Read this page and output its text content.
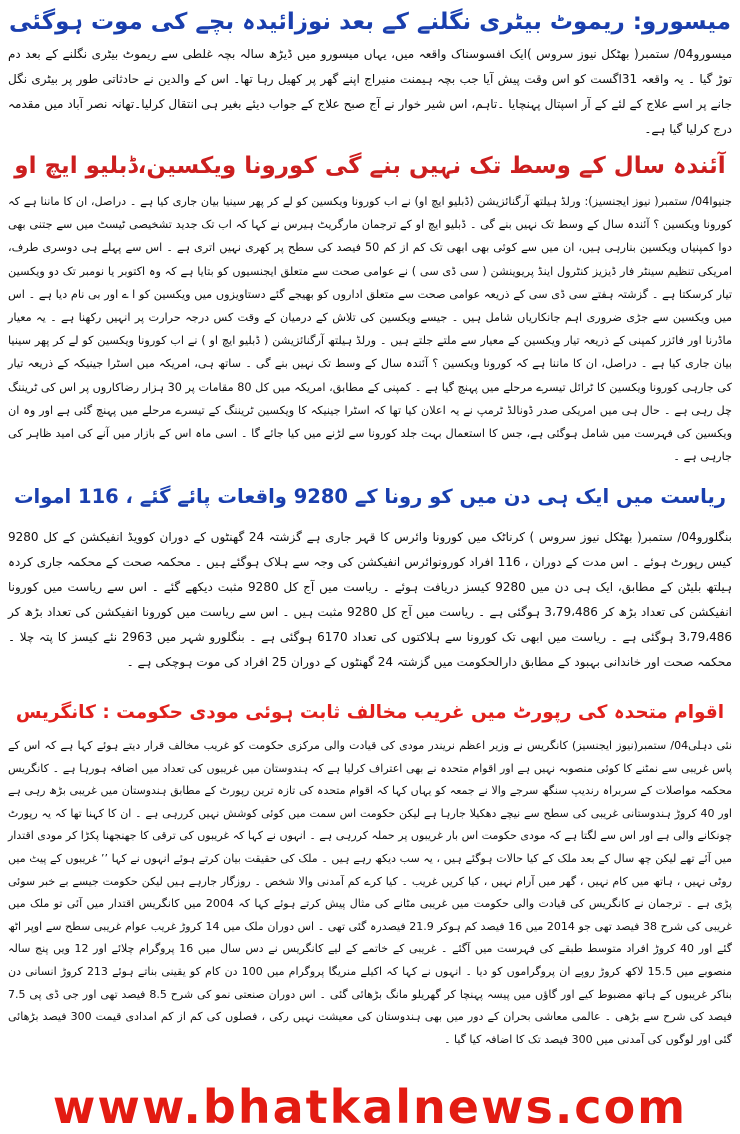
میسورو: ریموٹ بیٹری نگلنے کے بعد نوزائیدہ بچے کی موت ہوگئی

میسورو04/ ستمبر( بھٹکل نیوز سروس )ایک افسوسناک واقعہ میں، یہاں میسورو میں ڈیڑھ سالہ بچہ غلطی سے ریموٹ بیٹری نگلنے کے بعد دم توڑ گیا ۔ یہ واقعہ 31اگست کو اس وقت پیش آیا جب بچہ ہیمنت منیراج اپنے گھر پر کھیل رہا تھا۔ اس کے والدین نے حادثاتی طور پر بیٹری نگل جانے پر اسے علاج کے لئے کے آر اسپتال پہنچایا ۔تاہم، اس شیر خوار نے آج صبح علاج کے جواب دیئے بغیر ہی انتقال کرلیا۔تھانہ نصر آباد میں مقدمہ درج کرلیا گیا ہے۔

آئندہ سال کے وسط تک نہیں بنے گی کورونا ویکسین،ڈبلیو ایچ او

جنیوا04/ ستمبر( نیوز ایجنسیز): ورلڈ ہیلتھ آرگنائزیشن (ڈبلیو ایچ او) نے اب کورونا ویکسین کو لے کر پھر سینیا بیان جاری کیا ہے ۔ دراصل، ان کا ماننا ہے کہ کورونا ویکسین ؟ آئندہ سال کے وسط تک نہیں بنے گی ۔ ڈبلیو ایچ او کے ترجمان مارگریٹ ہیرس نے کہا کہ اب تک جدید تشخیصی ٹیسٹ میں سے جتنی بھی دوا کمپنیاں ویکسین بنارہی ہیں، ان میں سے کوئی بھی ابھی تک کم از کم 50 فیصد کی سطح پر کھری نہیں اتری ہے ۔ اس سے پہلے ہی دوسری طرف، امریکی تنظیم سینٹر فار ڈیزیز کنٹرول اینڈ پریوینشن ( سی ڈی سی ) نے عوامی صحت سے متعلق ایجنسیوں کو بتایا ہے کہ وہ اکتوبر یا نومبر تک دو ویکسین تیار کرسکتا ہے ۔ گزشتہ ہفتے سی ڈی سی کے ذریعہ عوامی صحت سے متعلق اداروں کو بھیجے گئے دستاویزوں میں ویکسین کو ا ے اور بی نام دیا ہے ۔ اس میں ویکسین سے جڑی ضروری اہم جانکاریاں شامل ہیں ۔ جیسے ویکسین کی تلاش کے درمیان کے وقت کس درجہ حرارت پر انہیں رکھنا ہے ۔ یہ معیار ماڈرنا اور فائزر کمپنی کے ذریعہ تیار ویکسین کے معیار سے ملتے جلتے ہیں ۔ ورلڈ ہیلتھ آرگنائزیشن ( ڈبلیو ایچ او ) نے اب کورونا ویکسین کو لے کر پھر سینیا بیان جاری کیا ہے ۔ دراصل، ان کا ماننا ہے کہ کورونا ویکسین ؟ آئندہ سال کے وسط تک نہیں بنے گی ۔ ساتھ ہی، امریکہ میں اسٹرا جینیکہ کے ذریعہ تیار کی جارہی کورونا ویکسین کا ٹرائل تیسرے مرحلے میں پہنچ گیا ہے ۔ کمپنی کے مطابق، امریکہ میں کل 80 مقامات پر 30 ہزار رضاکاروں پر اس کی ٹریننگ چل رہی ہے ۔ حال ہی میں امریکی صدر ڈونالڈ ٹرمپ نے یہ اعلان کیا تھا کہ اسٹرا جینیکہ کا ویکسین ٹریننگ کے تیسرے مرحلے میں پہنچ گئی ہے اور وہ ان ویکسین کی فہرست میں شامل ہوگئی ہے، جس کا استعمال بہت جلد کورونا سے لڑنے میں کیا جائے گا ۔ اسی ماہ اس کے بازار میں آنے کی امید ظاہر کی جارہی ہے ۔

ریاست میں ایک ہی دن میں کو رونا کے 9280 واقعات پائے گئے ، 116 اموات

بنگلورو04/ ستمبر( بھٹکل نیوز سروس ) کرناٹک میں کورونا وائرس کا قہر جاری ہے گزشتہ 24 گھنٹوں کے دوران کوویڈ انفیکشن کے کل 9280 کیس رپورٹ ہوئے ۔ اس مدت کے دوران ، 116 افراد کورونوائرس انفیکشن کی وجہ سے ہلاک ہوگئے ہیں ۔ محکمہ صحت کے محکمہ جاری کردہ ہیلتھ بلیٹن کے مطابق، ایک ہی دن میں 9280 کیسز دریافت ہوئے ۔ ریاست میں آج کل 9280 مثبت دیکھے گئے ۔ اس سے ریاست میں کورونا انفیکشن کی تعداد بڑھ کر 3،79،486 ہوگئی ہے ۔ ریاست میں آج کل 9280 مثبت ہیں ۔ اس سے ریاست میں کورونا انفیکشن کی تعداد بڑھ کر 3،79،486 ہوگئی ہے ۔ ریاست میں ابھی تک کورونا سے ہلاکتوں کی تعداد 6170 ہوگئی ہے ۔ بنگلورو شہر میں 2963 نئے کیسز کا پتہ چلا ۔ محکمہ صحت اور خاندانی بہبود کے مطابق دارالحکومت میں گزشتہ 24 گھنٹوں کے دوران 25 افراد کی موت ہوچکی ہے ۔

اقوام متحدہ کی رپورٹ میں غریب مخالف ثابت ہوئی مودی حکومت : کانگریس

نئی دہلی04/ ستمبر(نیوز ایجنسیز) کانگریس نے وزیر اعظم نریندر مودی کی قیادت والی مرکزی حکومت کو غریب مخالف قرار دیتے ہوئے کہا ہے کہ اس کے پاس غریبی سے نمٹنے کا کوئی منصوبہ نہیں ہے اور اقوام متحدہ نے بھی اعتراف کرلیا ہے کہ ہندوستان میں غریبوں کی تعداد میں اضافہ ہورہا ہے ۔ کانگریس محکمہ مواصلات کے سربراہ رندیپ سنگھ سرجے والا نے جمعہ کو یہاں کہا کہ اقوام متحدہ کی تازہ ترین رپورٹ کے مطابق ہندوستان میں غریبی بڑھ رہی ہے اور 40 کروڑ ہندوستانی غریبی کی سطح سے نیچے دھکیلا جارہا ہے لیکن حکومت اس سمت میں کوئی کوشش نہیں کررہی ہے ۔ ان کا کہنا تھا کہ یہ رپورٹ چونکانے والی ہے اور اس سے لگتا ہے کہ مودی حکومت اس بار غریبوں پر حملہ کررہی ہے ۔ انہوں نے کہا کہ غریبوں کی ترقی کا جھنجھنا پکڑا کر مودی اقتدار میں آئے تھے لیکن چھ سال کے بعد ملک کے کیا حالات ہوگئے ہیں ، یہ سب دیکھ رہے ہیں ۔ ملک کی حقیقت بیان کرتے ہوئے انہوں نے کہا ’’ غریبوں کے پیٹ میں روٹی نہیں ، ہاتھ میں کام نہیں ، گھر میں آرام نہیں ، کیا کریں غریب ۔ کیا کرے کم آمدنی والا شخص ۔ روزگار جارہے ہیں لیکن حکومت جیسے بے خبر سوئی پڑی ہے ۔ ترجمان نے کانگریس کی قیادت والی حکومت میں غریبی مٹانے کی مثال پیش کرتے ہوئے کہا کہ 2004 میں کانگریس اقتدار میں آئی تو ملک میں غریبی کی شرح 38 فیصد تھی جو 2014 میں 16 فیصد کم ہوکر 21.9 فیصدرہ گئی تھی ۔ اس دوران ملک میں 14 کروڑ غریب عوام غریبی سطح سے اوپر اٹھ گئے اور 40 کروڑ افراد متوسط طبقے کی فہرست میں آگئے ۔ غریبی کے خاتمے کے لیے کانگریس نے دس سال میں 16 پروگرام چلائے اور 12 ویں پنج سالہ منصوبے میں 15.5 لاکھ کروڑ روپے ان پروگراموں کو دیا ۔ انہوں نے کہا کہ اکیلے منریگا پروگرام میں 100 دن کام کو یقینی بناتے ہوئے 213 کروڑ انسانی دن بناکر غریبوں کے ہاتھ مضبوط کیے اور گاؤں میں پیسہ پہنچا کر گھریلو مانگ بڑھائی گئی ۔ اس دوران صنعتی نمو کی شرح 8.5 فیصد تھی اور جی ڈی پی 7.5 فیصد کی شرح سے بڑھی ۔ عالمی معاشی بحران کے دور میں بھی ہندوستان کی معیشت نہیں رکی ، فصلوں کی کم از کم امدادی قیمت 300 فیصد بڑھائی گئی اور لوگوں کی آمدنی میں 300 فیصد تک کا اضافہ کیا گیا ۔

www.bhatkalnews.com
